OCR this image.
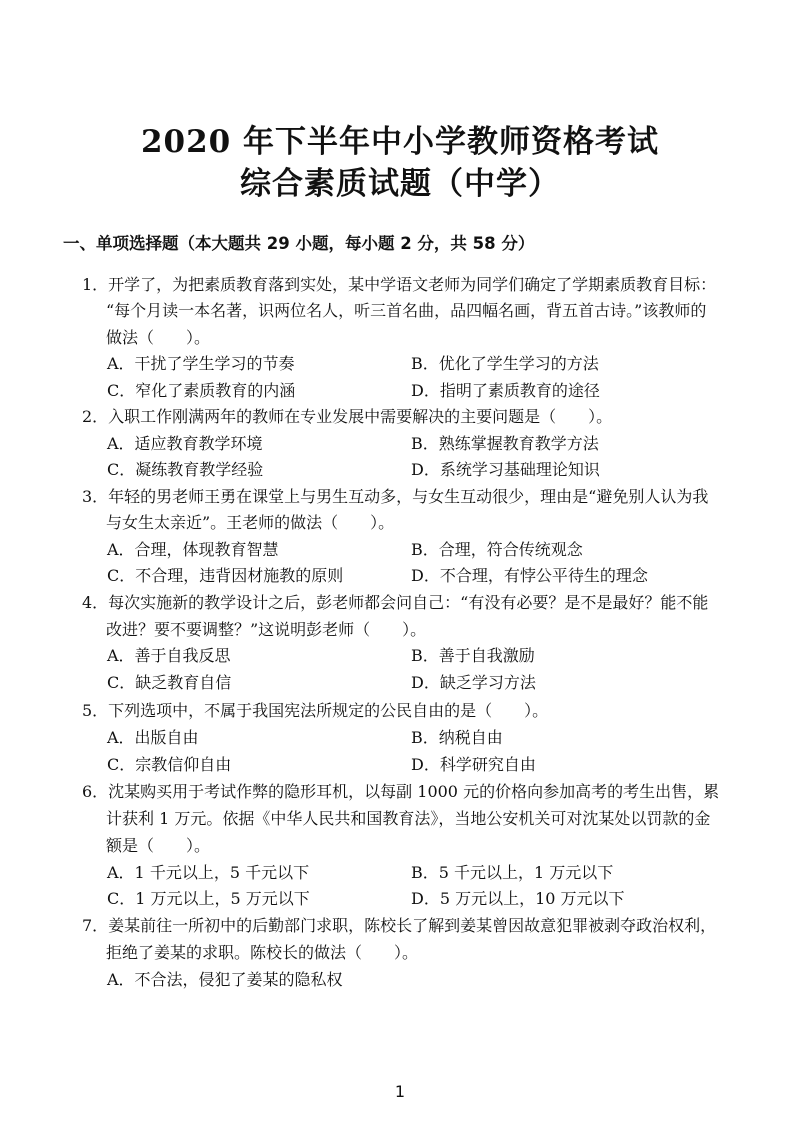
2020 年下半年中小学教师资格考试
综合素质试题（中学）
一、单项选择题（本大题共 29 小题，每小题 2 分，共 58 分）
1．开学了，为把素质教育落到实处，某中学语文老师为同学们确定了学期素质教育目标：
“每个月读一本名著，识两位名人，听三首名曲，品四幅名画，背五首古诗。”该教师的
做法（　　）。
A．干扰了学生学习的节奏	B．优化了学生学习的方法
C．窄化了素质教育的内涵	D．指明了素质教育的途径
2．入职工作刚满两年的教师在专业发展中需要解决的主要问题是（　　）。
A．适应教育教学环境	B．熟练掌握教育教学方法
C．凝练教育教学经验	D．系统学习基础理论知识
3．年轻的男老师王勇在课堂上与男生互动多，与女生互动很少，理由是“避免别人认为我
与女生太亲近”。王老师的做法（　　）。
A．合理，体现教育智慧	B．合理，符合传统观念
C．不合理，违背因材施教的原则	D．不合理，有悖公平待生的理念
4．每次实施新的教学设计之后，彭老师都会问自己：“有没有必要？是不是最好？能不能
改进？要不要调整？”这说明彭老师（　　）。
A．善于自我反思	B．善于自我激励
C．缺乏教育自信	D．缺乏学习方法
5．下列选项中，不属于我国宪法所规定的公民自由的是（　　）。
A．出版自由	B．纳税自由
C．宗教信仰自由	D．科学研究自由
6．沈某购买用于考试作弊的隐形耳机，以每副 1000 元的价格向参加高考的考生出售，累
计获利 1 万元。依据《中华人民共和国教育法》，当地公安机关可对沈某处以罚款的金
额是（　　）。
A．1 千元以上，5 千元以下	B．5 千元以上，1 万元以下
C．1 万元以上，5 万元以下	D．5 万元以上，10 万元以下
7．姜某前往一所初中的后勤部门求职，陈校长了解到姜某曾因故意犯罪被剥夺政治权利，
拒绝了姜某的求职。陈校长的做法（　　）。
A．不合法，侵犯了姜某的隐私权
1
